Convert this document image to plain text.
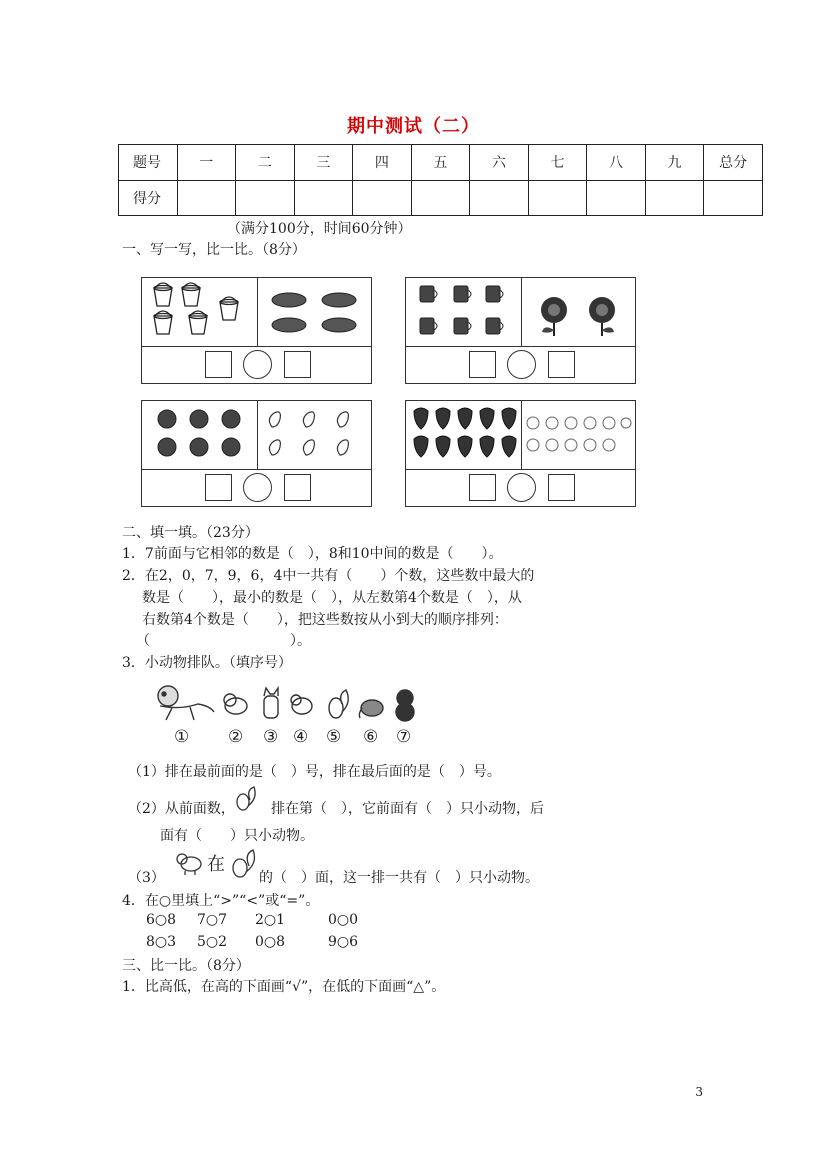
期中测试（二）
题号	一	二	三	四	五	六	七	八	九	总分
得分										
（满分100分，时间60分钟）
一、写一写，比一比。（8分）
二、填一填。（23分）
1．7前面与它相邻的数是（　），8和10中间的数是（　　）。
2．在2，0，7，9，6，4中一共有（　　）个数，这些数中最大的
数是（　　），最小的数是（　），从左数第4个数是（　），从
右数第4个数是（　　），把这些数按从小到大的顺序排列：
（　　　　　　　　　　）。
3．小动物排队。（填序号）
① ② ③ ④ ⑤ ⑥ ⑦
（1）排在最前面的是（　）号，排在最后面的是（　）号。
（2）从前面数，	排在第（　），它前面有（　）只小动物，后
面有（　　）只小动物。
（3）
在
的（　）面，这一排一共有（　）只小动物。
4．在○里填上“>”“<”或“=”。
6○8 7○7 2○1	0○0
8○3 5○2 0○8	9○6
三、比一比。（8分）
1．比高低，在高的下面画“√”，在低的下面画“△”。
3
